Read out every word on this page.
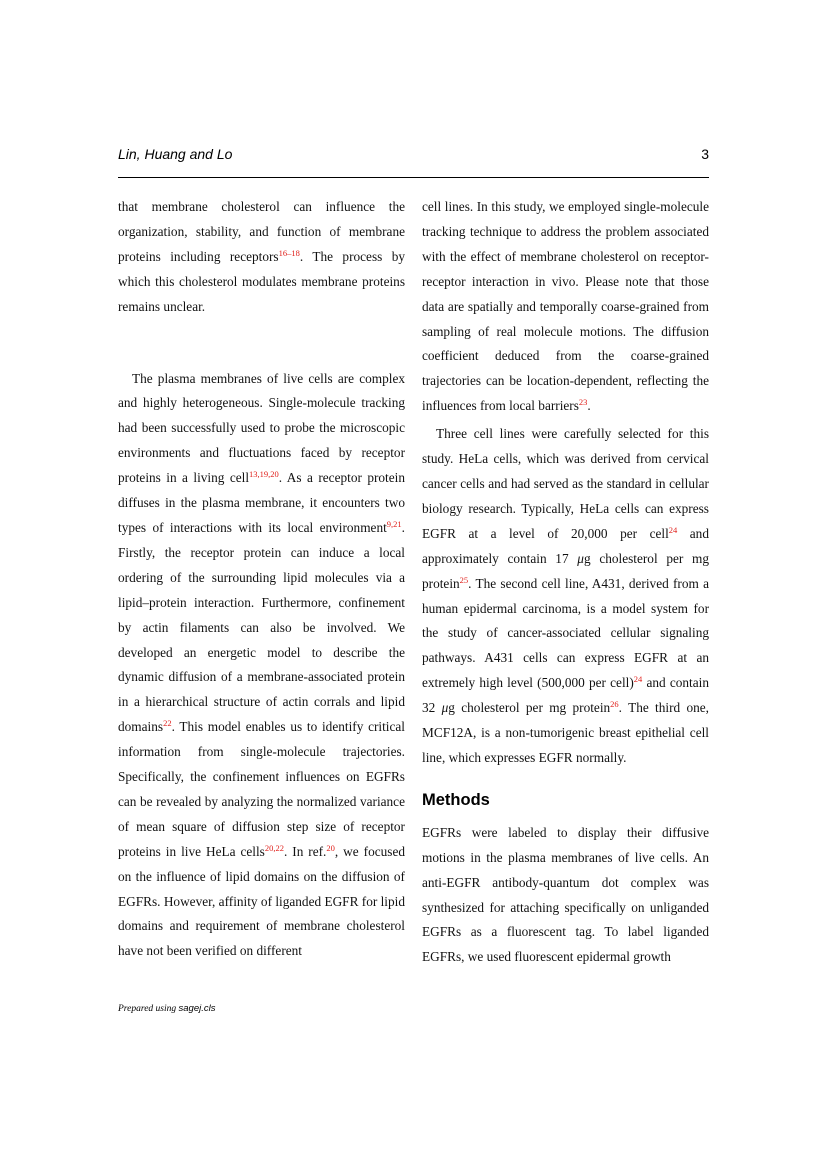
Lin, Huang and Lo	3

that membrane cholesterol can influence the organization, stability, and function of membrane proteins including receptors$^{16-18}$. The process by which this cholesterol modulates membrane proteins remains unclear.

The plasma membranes of live cells are complex and highly heterogeneous. Single-molecule tracking had been successfully used to probe the microscopic environments and fluctuations faced by receptor proteins in a living cell$^{13,19,20}$. As a receptor protein diffuses in the plasma membrane, it encounters two types of interactions with its local environment$^{9,21}$. Firstly, the receptor protein can induce a local ordering of the surrounding lipid molecules via a lipid–protein interaction. Furthermore, confinement by actin filaments can also be involved. We developed an energetic model to describe the dynamic diffusion of a membrane-associated protein in a hierarchical structure of actin corrals and lipid domains$^{22}$. This model enables us to identify critical information from single-molecule trajectories. Specifically, the confinement influences on EGFRs can be revealed by analyzing the normalized variance of mean square of diffusion step size of receptor proteins in live HeLa cells$^{20,22}$. In ref.$^{20}$, we focused on the influence of lipid domains on the diffusion of EGFRs. However, affinity of liganded EGFR for lipid domains and requirement of membrane cholesterol have not been verified on different

cell lines. In this study, we employed single-molecule tracking technique to address the problem associated with the effect of membrane cholesterol on receptor-receptor interaction in vivo. Please note that those data are spatially and temporally coarse-grained from sampling of real molecule motions. The diffusion coefficient deduced from the coarse-grained trajectories can be location-dependent, reflecting the influences from local barriers$^{23}$.

Three cell lines were carefully selected for this study. HeLa cells, which was derived from cervical cancer cells and had served as the standard in cellular biology research. Typically, HeLa cells can express EGFR at a level of 20,000 per cell$^{24}$ and approximately contain 17 μg cholesterol per mg protein$^{25}$. The second cell line, A431, derived from a human epidermal carcinoma, is a model system for the study of cancer-associated cellular signaling pathways. A431 cells can express EGFR at an extremely high level (500,000 per cell)$^{24}$ and contain 32 μg cholesterol per mg protein$^{26}$. The third one, MCF12A, is a non-tumorigenic breast epithelial cell line, which expresses EGFR normally.

Methods

EGFRs were labeled to display their diffusive motions in the plasma membranes of live cells. An anti-EGFR antibody-quantum dot complex was synthesized for attaching specifically on unliganded EGFRs as a fluorescent tag. To label liganded EGFRs, we used fluorescent epidermal growth

Prepared using sagej.cls
